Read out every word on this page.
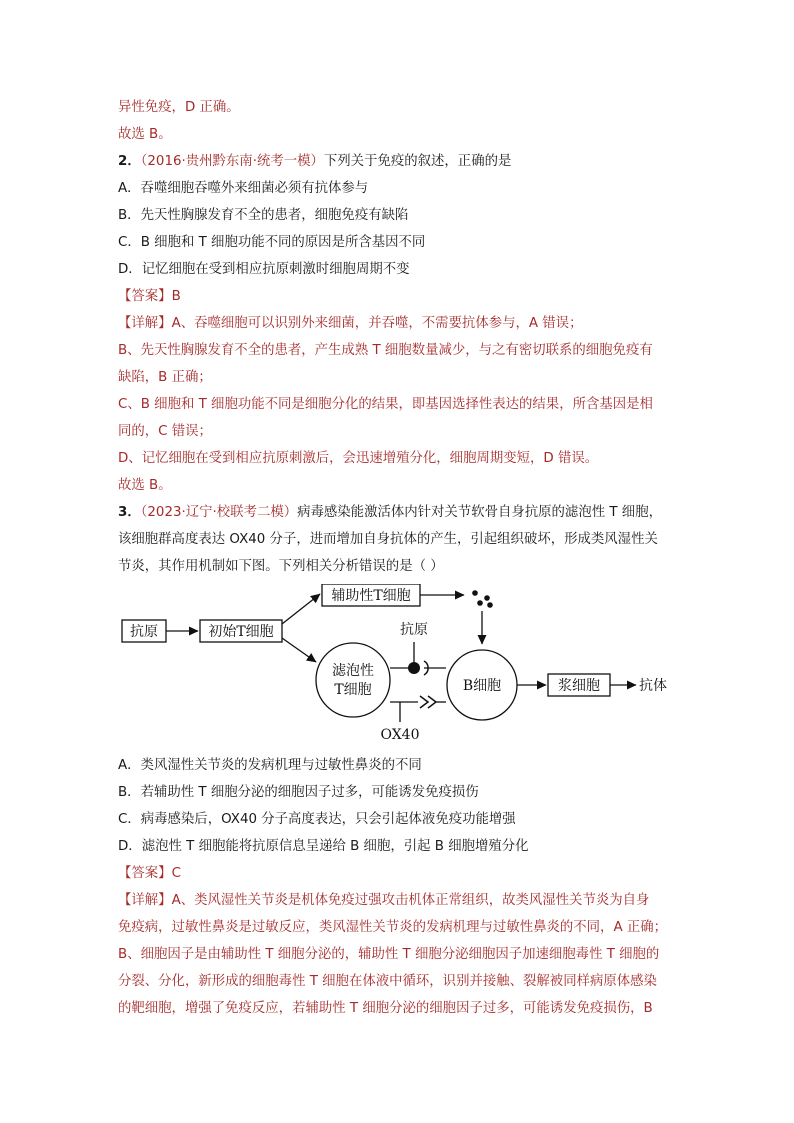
异性免疫，D 正确。
故选 B。
2．（2016·贵州黔东南·统考一模）下列关于免疫的叙述，正确的是
A．吞噬细胞吞噬外来细菌必须有抗体参与
B．先天性胸腺发育不全的患者，细胞免疫有缺陷
C．B 细胞和 T 细胞功能不同的原因是所含基因不同
D．记忆细胞在受到相应抗原刺激时细胞周期不变
【答案】B
【详解】A、吞噬细胞可以识别外来细菌，并吞噬，不需要抗体参与，A 错误；
B、先天性胸腺发育不全的患者，产生成熟 T 细胞数量减少，与之有密切联系的细胞免疫有
缺陷，B 正确；
C、B 细胞和 T 细胞功能不同是细胞分化的结果，即基因选择性表达的结果，所含基因是相
同的，C 错误；
D、记忆细胞在受到相应抗原刺激后，会迅速增殖分化，细胞周期变短，D 错误。
故选 B。
3．（2023·辽宁·校联考二模）病毒感染能激活体内针对关节软骨自身抗原的滤泡性 T 细胞，
该细胞群高度表达 OX40 分子，进而增加自身抗体的产生，引起组织破坏，形成类风湿性关
节炎，其作用机制如下图。下列相关分析错误的是（ ）
抗原	初始T细胞
辅助性T细胞
滤泡性
T细胞
抗原
OX40
B细胞	浆细胞	抗体
A．类风湿性关节炎的发病机理与过敏性鼻炎的不同
B．若辅助性 T 细胞分泌的细胞因子过多，可能诱发免疫损伤
C．病毒感染后，OX40 分子高度表达，只会引起体液免疫功能增强
D．滤泡性 T 细胞能将抗原信息呈递给 B 细胞，引起 B 细胞增殖分化
【答案】C
【详解】A、类风湿性关节炎是机体免疫过强攻击机体正常组织，故类风湿性关节炎为自身
免疫病，过敏性鼻炎是过敏反应，类风湿性关节炎的发病机理与过敏性鼻炎的不同，A 正确；
B、细胞因子是由辅助性 T 细胞分泌的，辅助性 T 细胞分泌细胞因子加速细胞毒性 T 细胞的
分裂、分化，新形成的细胞毒性 T 细胞在体液中循环，识别并接触、裂解被同样病原体感染
的靶细胞，增强了免疫反应，若辅助性 T 细胞分泌的细胞因子过多，可能诱发免疫损伤，B
